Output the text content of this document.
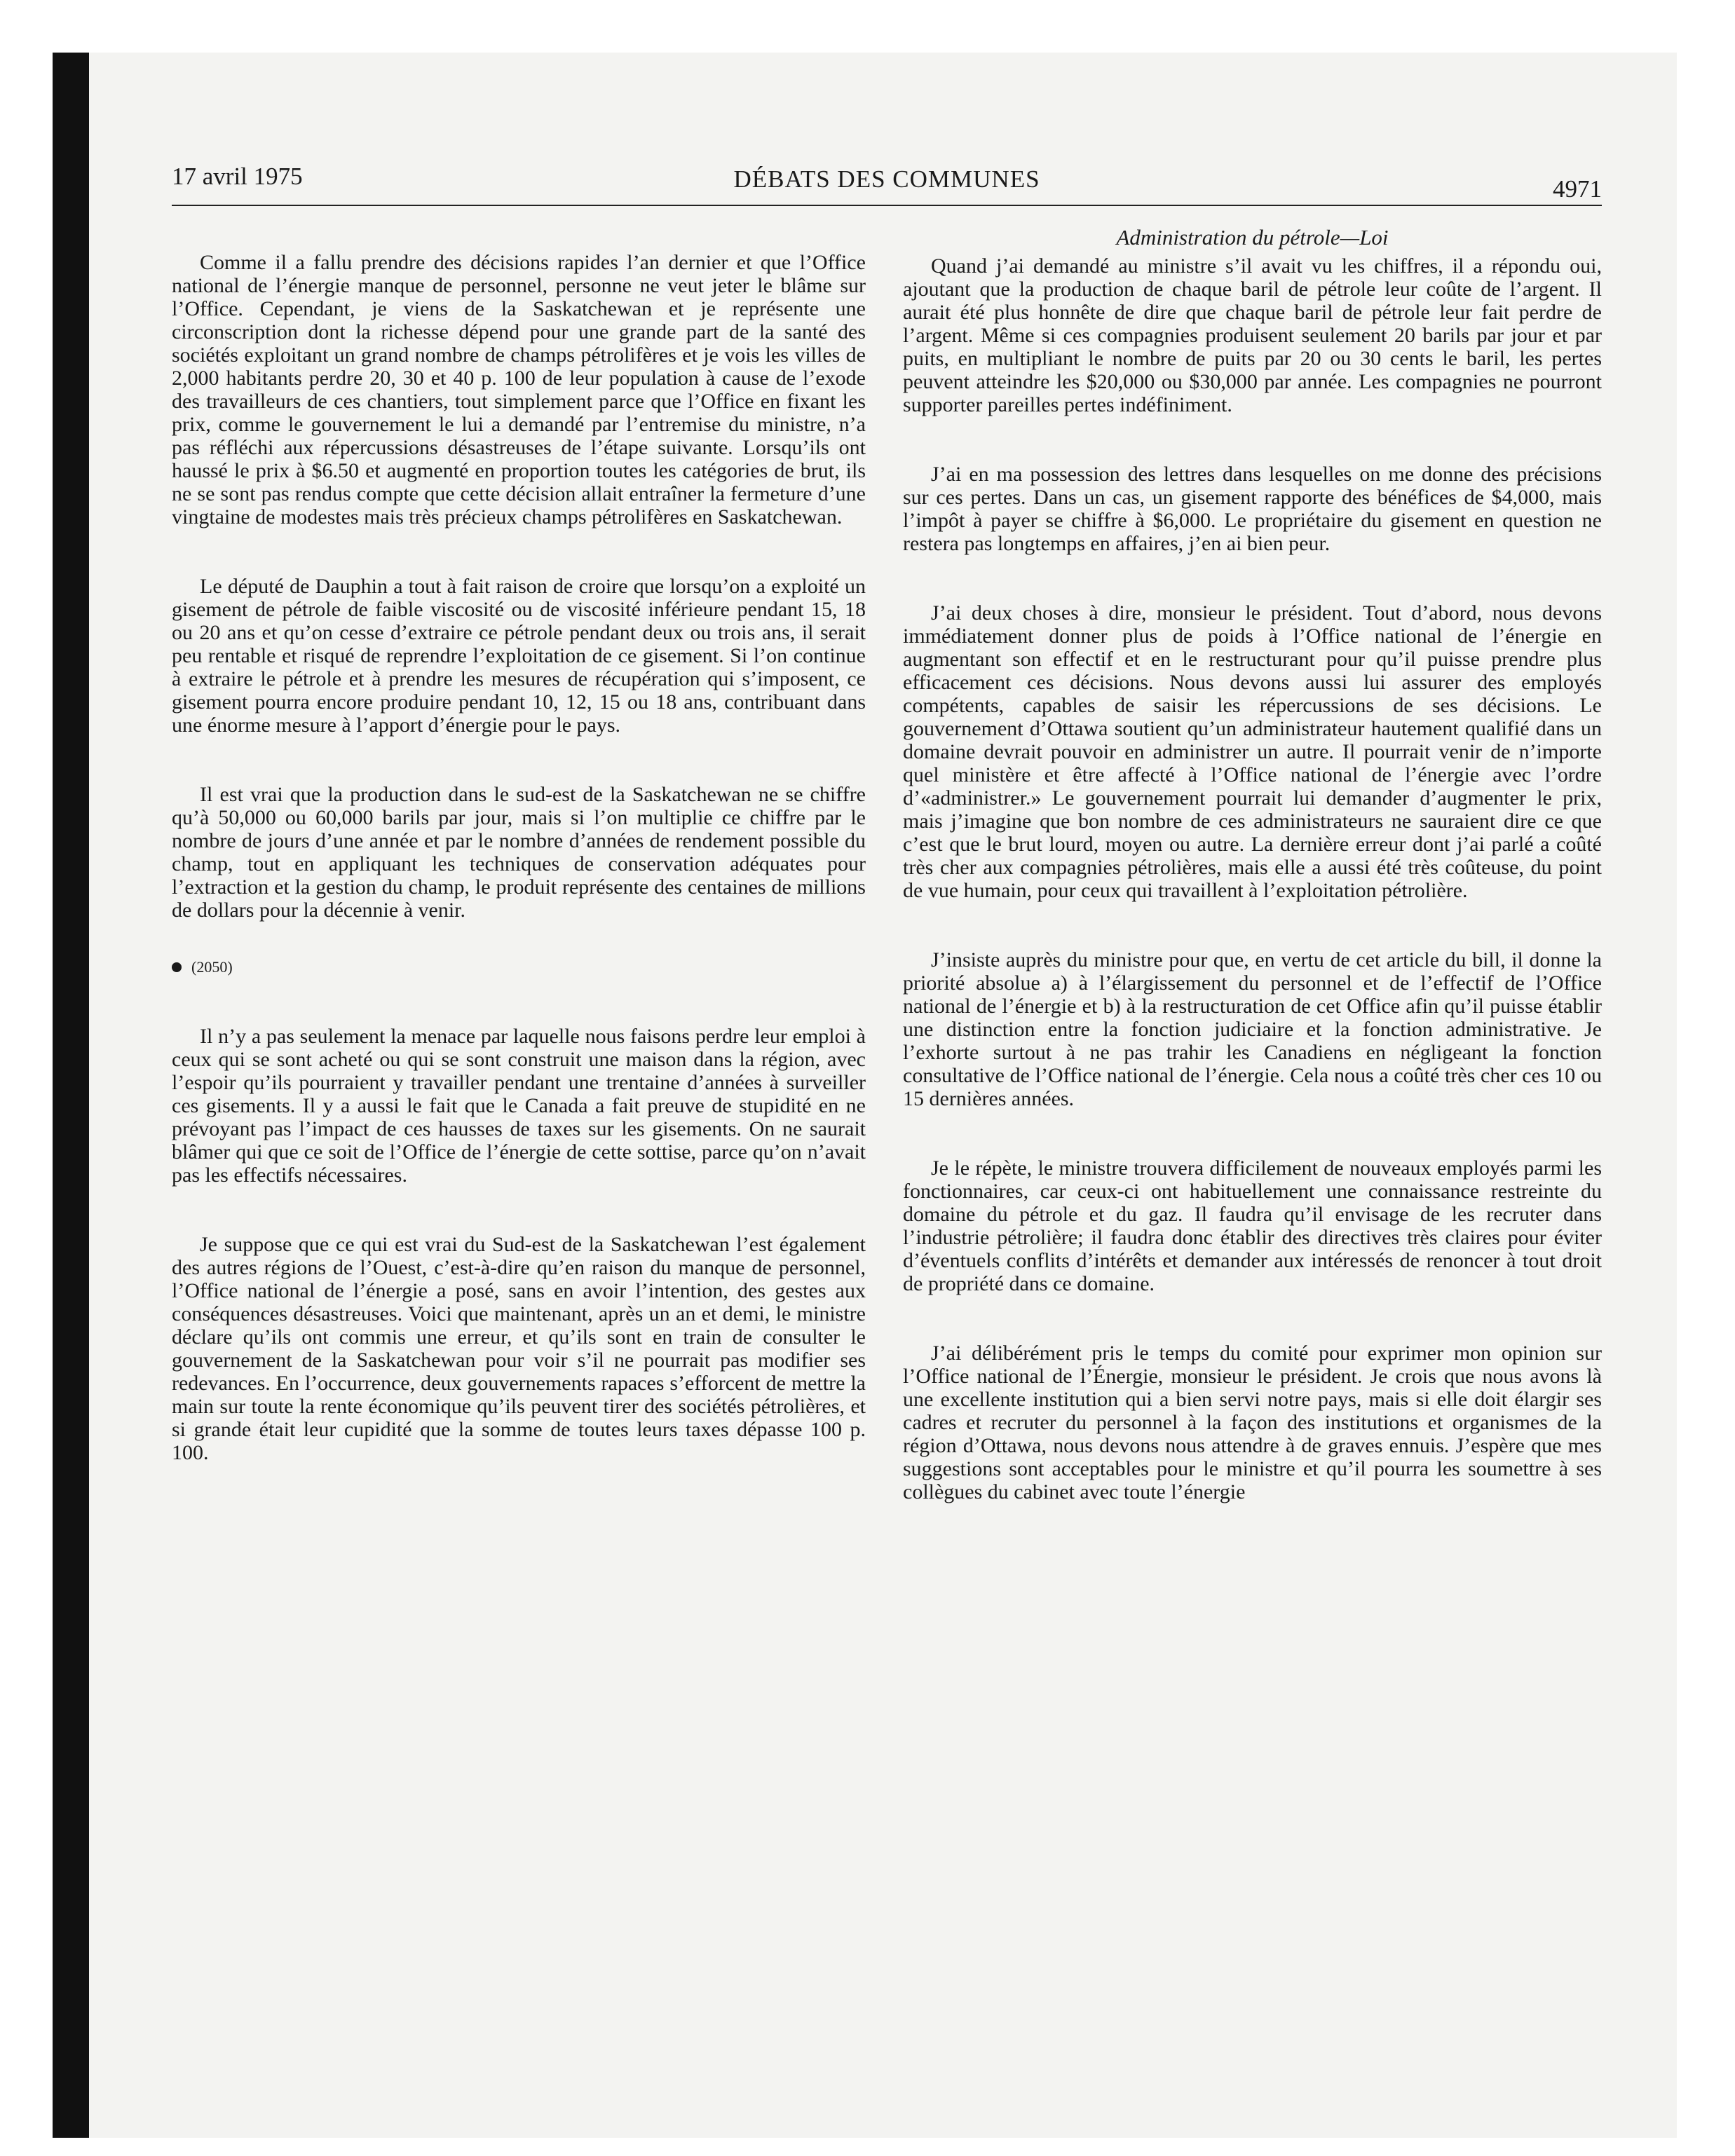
17 avril 1975	DÉBATS DES COMMUNES	4971

Comme il a fallu prendre des décisions rapides l’an dernier et que l’Office national de l’énergie manque de personnel, personne ne veut jeter le blâme sur l’Office. Cependant, je viens de la Saskatchewan et je représente une circonscription dont la richesse dépend pour une grande part de la santé des sociétés exploitant un grand nombre de champs pétrolifères et je vois les villes de 2,000 habitants perdre 20, 30 et 40 p. 100 de leur population à cause de l’exode des travailleurs de ces chantiers, tout simplement parce que l’Office en fixant les prix, comme le gouvernement le lui a demandé par l’entremise du ministre, n’a pas réfléchi aux répercussions désastreuses de l’étape suivante. Lorsqu’ils ont haussé le prix à $6.50 et augmenté en proportion toutes les catégories de brut, ils ne se sont pas rendus compte que cette décision allait entraîner la fermeture d’une vingtaine de modestes mais très précieux champs pétrolifères en Saskatchewan.

Le député de Dauphin a tout à fait raison de croire que lorsqu’on a exploité un gisement de pétrole de faible viscosité ou de viscosité inférieure pendant 15, 18 ou 20 ans et qu’on cesse d’extraire ce pétrole pendant deux ou trois ans, il serait peu rentable et risqué de reprendre l’exploitation de ce gisement. Si l’on continue à extraire le pétrole et à prendre les mesures de récupération qui s’imposent, ce gisement pourra encore produire pendant 10, 12, 15 ou 18 ans, contribuant dans une énorme mesure à l’apport d’énergie pour le pays.

Il est vrai que la production dans le sud-est de la Saskatchewan ne se chiffre qu’à 50,000 ou 60,000 barils par jour, mais si l’on multiplie ce chiffre par le nombre de jours d’une année et par le nombre d’années de rendement possible du champ, tout en appliquant les techniques de conservation adéquates pour l’extraction et la gestion du champ, le produit représente des centaines de millions de dollars pour la décennie à venir.

(2050)

Il n’y a pas seulement la menace par laquelle nous faisons perdre leur emploi à ceux qui se sont acheté ou qui se sont construit une maison dans la région, avec l’espoir qu’ils pourraient y travailler pendant une trentaine d’années à surveiller ces gisements. Il y a aussi le fait que le Canada a fait preuve de stupidité en ne prévoyant pas l’impact de ces hausses de taxes sur les gisements. On ne saurait blâmer qui que ce soit de l’Office de l’énergie de cette sottise, parce qu’on n’avait pas les effectifs nécessaires.

Je suppose que ce qui est vrai du Sud-est de la Saskatchewan l’est également des autres régions de l’Ouest, c’est-à-dire qu’en raison du manque de personnel, l’Office national de l’énergie a posé, sans en avoir l’intention, des gestes aux conséquences désastreuses. Voici que maintenant, après un an et demi, le ministre déclare qu’ils ont commis une erreur, et qu’ils sont en train de consulter le gouvernement de la Saskatchewan pour voir s’il ne pourrait pas modifier ses redevances. En l’occurrence, deux gouvernements rapaces s’efforcent de mettre la main sur toute la rente économique qu’ils peuvent tirer des sociétés pétrolières, et si grande était leur cupidité que la somme de toutes leurs taxes dépasse 100 p. 100.

Administration du pétrole—Loi

Quand j’ai demandé au ministre s’il avait vu les chiffres, il a répondu oui, ajoutant que la production de chaque baril de pétrole leur coûte de l’argent. Il aurait été plus honnête de dire que chaque baril de pétrole leur fait perdre de l’argent. Même si ces compagnies produisent seulement 20 barils par jour et par puits, en multipliant le nombre de puits par 20 ou 30 cents le baril, les pertes peuvent atteindre les $20,000 ou $30,000 par année. Les compagnies ne pourront supporter pareilles pertes indéfiniment.

J’ai en ma possession des lettres dans lesquelles on me donne des précisions sur ces pertes. Dans un cas, un gisement rapporte des bénéfices de $4,000, mais l’impôt à payer se chiffre à $6,000. Le propriétaire du gisement en question ne restera pas longtemps en affaires, j’en ai bien peur.

J’ai deux choses à dire, monsieur le président. Tout d’abord, nous devons immédiatement donner plus de poids à l’Office national de l’énergie en augmentant son effectif et en le restructurant pour qu’il puisse prendre plus efficacement ces décisions. Nous devons aussi lui assurer des employés compétents, capables de saisir les répercussions de ses décisions. Le gouvernement d’Ottawa soutient qu’un administrateur hautement qualifié dans un domaine devrait pouvoir en administrer un autre. Il pourrait venir de n’importe quel ministère et être affecté à l’Office national de l’énergie avec l’ordre d’«administrer.» Le gouvernement pourrait lui demander d’augmenter le prix, mais j’imagine que bon nombre de ces administrateurs ne sauraient dire ce que c’est que le brut lourd, moyen ou autre. La dernière erreur dont j’ai parlé a coûté très cher aux compagnies pétrolières, mais elle a aussi été très coûteuse, du point de vue humain, pour ceux qui travaillent à l’exploitation pétrolière.

J’insiste auprès du ministre pour que, en vertu de cet article du bill, il donne la priorité absolue a) à l’élargissement du personnel et de l’effectif de l’Office national de l’énergie et b) à la restructuration de cet Office afin qu’il puisse établir une distinction entre la fonction judiciaire et la fonction administrative. Je l’exhorte surtout à ne pas trahir les Canadiens en négligeant la fonction consultative de l’Office national de l’énergie. Cela nous a coûté très cher ces 10 ou 15 dernières années.

Je le répète, le ministre trouvera difficilement de nouveaux employés parmi les fonctionnaires, car ceux-ci ont habituellement une connaissance restreinte du domaine du pétrole et du gaz. Il faudra qu’il envisage de les recruter dans l’industrie pétrolière; il faudra donc établir des directives très claires pour éviter d’éventuels conflits d’intérêts et demander aux intéressés de renoncer à tout droit de propriété dans ce domaine.

J’ai délibérément pris le temps du comité pour exprimer mon opinion sur l’Office national de l’Énergie, monsieur le président. Je crois que nous avons là une excellente institution qui a bien servi notre pays, mais si elle doit élargir ses cadres et recruter du personnel à la façon des institutions et organismes de la région d’Ottawa, nous devons nous attendre à de graves ennuis. J’espère que mes suggestions sont acceptables pour le ministre et qu’il pourra les soumettre à ses collègues du cabinet avec toute l’énergie
